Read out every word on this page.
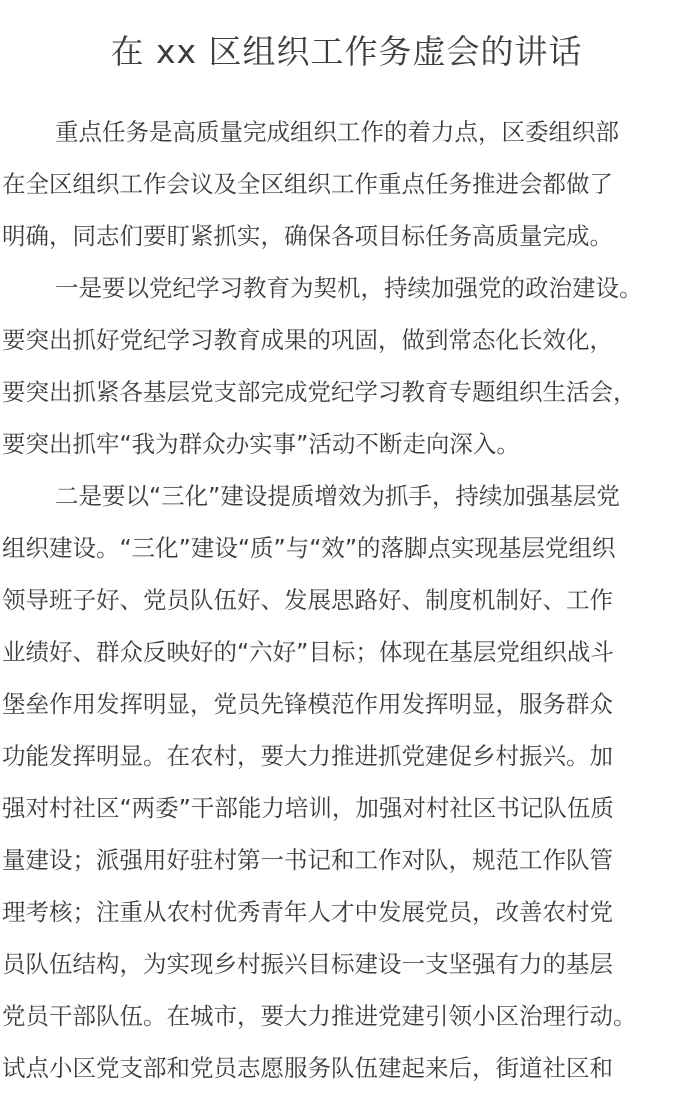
在 xx 区组织工作务虚会的讲话
重点任务是高质量完成组织工作的着力点，区委组织部
在全区组织工作会议及全区组织工作重点任务推进会都做了
明确，同志们要盯紧抓实，确保各项目标任务高质量完成。
一是要以党纪学习教育为契机，持续加强党的政治建设。
要突出抓好党纪学习教育成果的巩固，做到常态化长效化，
要突出抓紧各基层党支部完成党纪学习教育专题组织生活会，
要突出抓牢“我为群众办实事”活动不断走向深入。
二是要以“三化”建设提质增效为抓手，持续加强基层党
组织建设。“三化”建设“质”与“效”的落脚点实现基层党组织
领导班子好、党员队伍好、发展思路好、制度机制好、工作
业绩好、群众反映好的“六好”目标；体现在基层党组织战斗
堡垒作用发挥明显，党员先锋模范作用发挥明显，服务群众
功能发挥明显。在农村，要大力推进抓党建促乡村振兴。加
强对村社区“两委”干部能力培训，加强对村社区书记队伍质
量建设；派强用好驻村第一书记和工作对队，规范工作队管
理考核；注重从农村优秀青年人才中发展党员，改善农村党
员队伍结构，为实现乡村振兴目标建设一支坚强有力的基层
党员干部队伍。在城市，要大力推进党建引领小区治理行动。
试点小区党支部和党员志愿服务队伍建起来后，街道社区和
